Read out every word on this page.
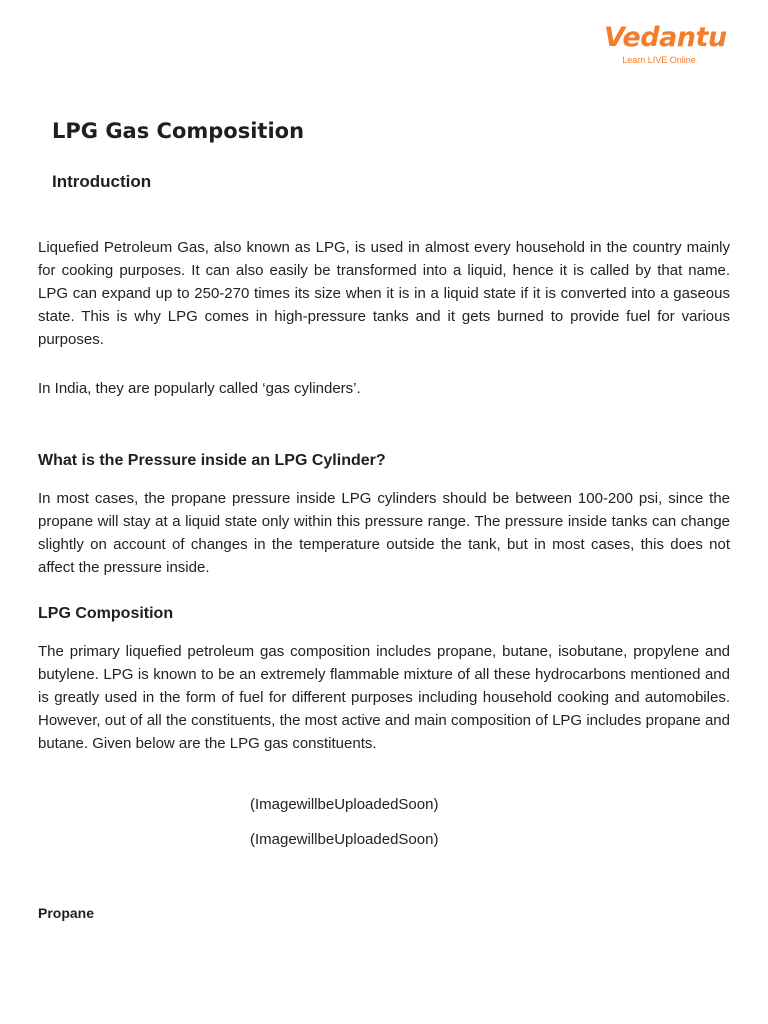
Vedantu
Learn LIVE Online
LPG Gas Composition
Introduction

Liquefied Petroleum Gas, also known as LPG, is used in almost every household in the country mainly for cooking purposes. It can also easily be transformed into a liquid, hence it is called by that name. LPG can expand up to 250-270 times its size when it is in a liquid state if it is converted into a gaseous state. This is why LPG comes in high-pressure tanks and it gets burned to provide fuel for various purposes.

In India, they are popularly called ‘gas cylinders’.

What is the Pressure inside an LPG Cylinder?

In most cases, the propane pressure inside LPG cylinders should be between 100-200 psi, since the propane will stay at a liquid state only within this pressure range. The pressure inside tanks can change slightly on account of changes in the temperature outside the tank, but in most cases, this does not affect the pressure inside.

LPG Composition

The primary liquefied petroleum gas composition includes propane, butane, isobutane, propylene and butylene. LPG is known to be an extremely flammable mixture of all these hydrocarbons mentioned and is greatly used in the form of fuel for different purposes including household cooking and automobiles. However, out of all the constituents, the most active and main composition of LPG includes propane and butane. Given below are the LPG gas constituents.

(ImagewillbeUploadedSoon)

(ImagewillbeUploadedSoon)

Propane
